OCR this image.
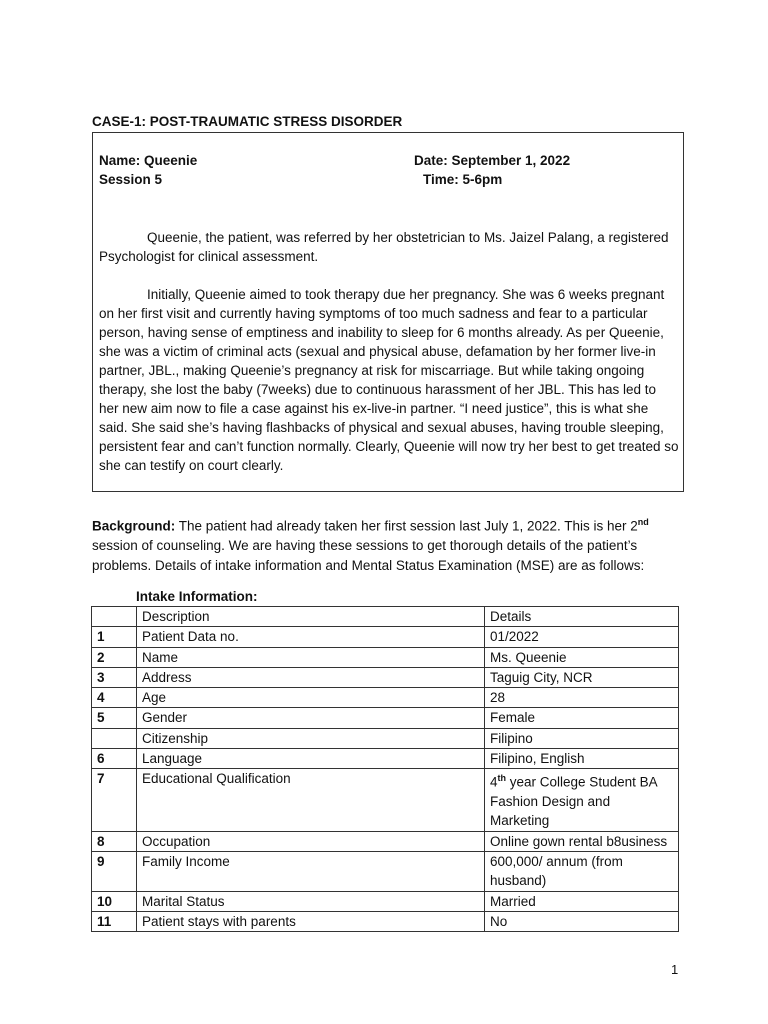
CASE-1: POST-TRAUMATIC STRESS DISORDER
Name: Queenie
Session 5
Date: September 1, 2022
Time: 5-6pm

Queenie, the patient, was referred by her obstetrician to Ms. Jaizel Palang, a registered Psychologist for clinical assessment.

Initially, Queenie aimed to took therapy due her pregnancy. She was 6 weeks pregnant on her first visit and currently having symptoms of too much sadness and fear to a particular person, having sense of emptiness and inability to sleep for 6 months already. As per Queenie, she was a victim of criminal acts (sexual and physical abuse, defamation by her former live-in partner, JBL., making Queenie’s pregnancy at risk for miscarriage. But while taking ongoing therapy, she lost the baby (7weeks) due to continuous harassment of her JBL. This has led to her new aim now to file a case against his ex-live-in partner. “I need justice”, this is what she said. She said she’s having flashbacks of physical and sexual abuses, having trouble sleeping, persistent fear and can’t function normally. Clearly, Queenie will now try her best to get treated so she can testify on court clearly.

Background: The patient had already taken her first session last July 1, 2022. This is her 2nd session of counseling. We are having these sessions to get thorough details of the patient’s problems. Details of intake information and Mental Status Examination (MSE) are as follows:
Intake Information:
	Description	Details
1	Patient Data no.	01/2022
2	Name	Ms. Queenie
3	Address	Taguig City, NCR
4	Age	28
5	Gender	Female
	Citizenship	Filipino
6	Language	Filipino, English
7	Educational Qualification	4th year College Student BA Fashion Design and Marketing
8	Occupation	Online gown rental b8usiness
9	Family Income	600,000/ annum (from husband)
10	Marital Status	Married
11	Patient stays with parents	No
1
